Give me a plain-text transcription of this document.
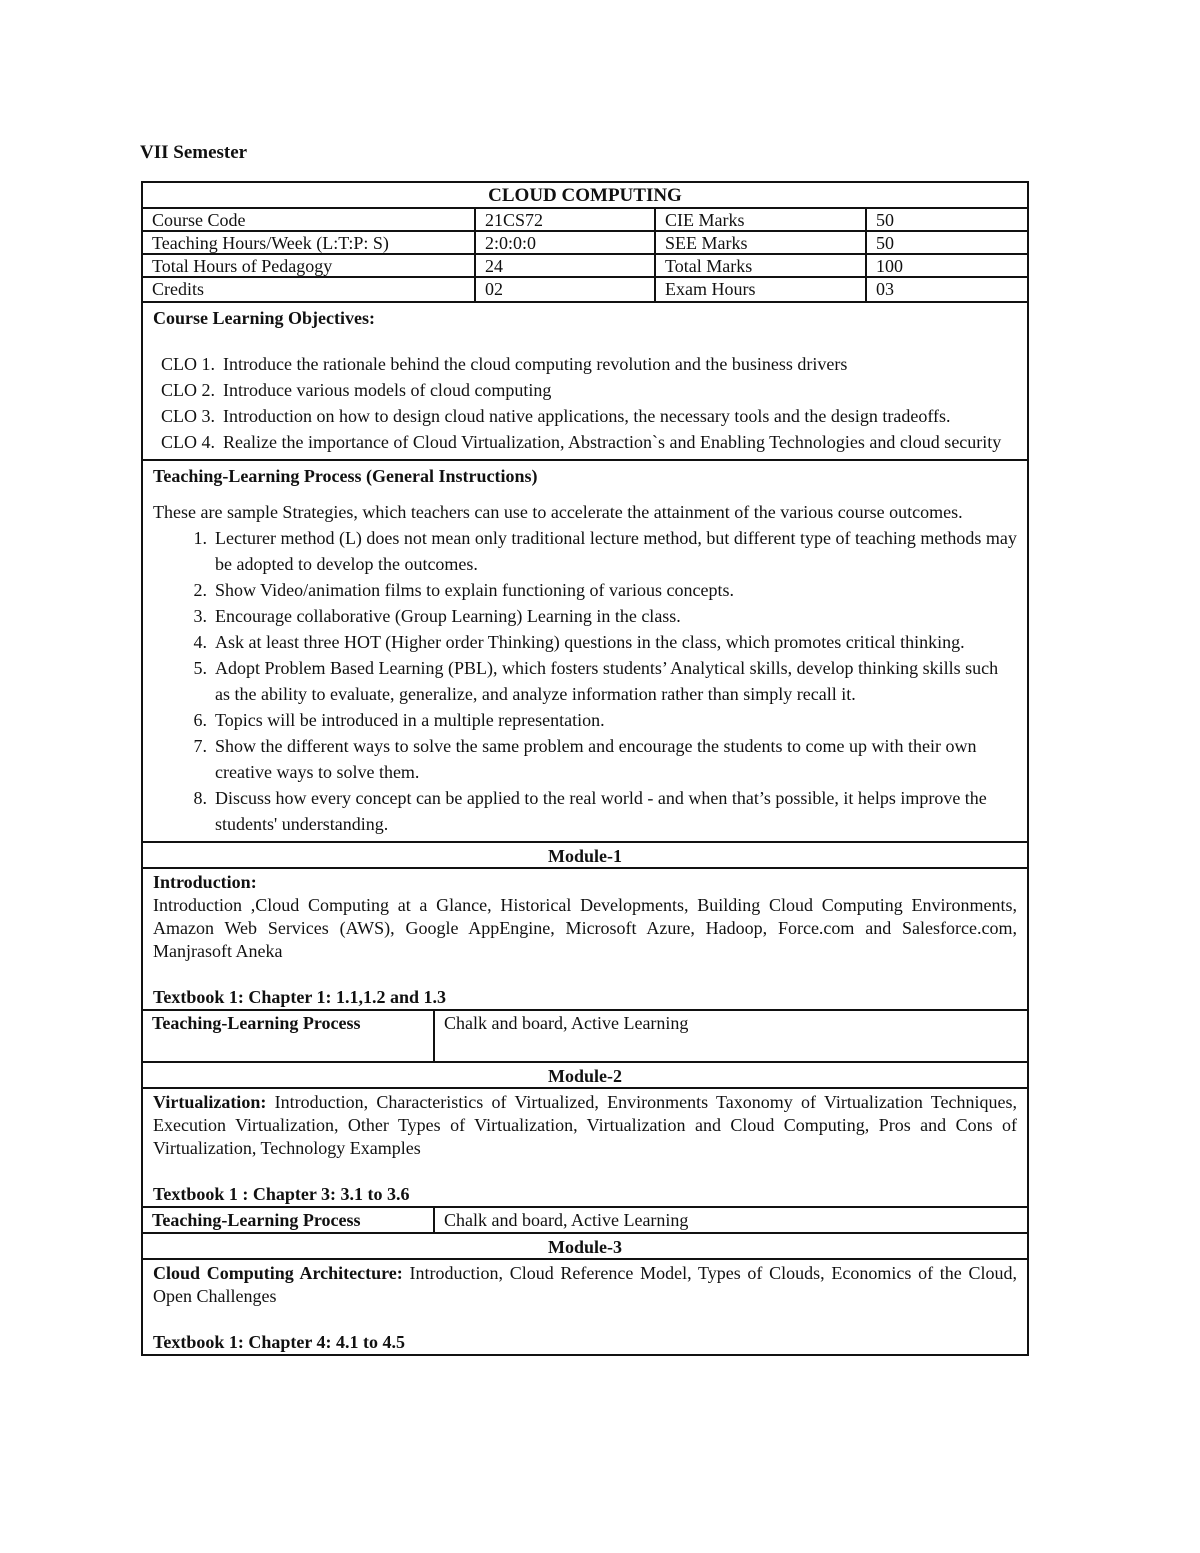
VII Semester
CLOUD COMPUTING
Course Code	21CS72	CIE Marks	50
Teaching Hours/Week (L:T:P: S)	2:0:0:0	SEE Marks	50
Total Hours of Pedagogy	24	Total Marks	100
Credits	02	Exam Hours	03
Course Learning Objectives:
CLO 1. Introduce the rationale behind the cloud computing revolution and the business drivers
CLO 2. Introduce various models of cloud computing
CLO 3. Introduction on how to design cloud native applications, the necessary tools and the design tradeoffs.
CLO 4. Realize the importance of Cloud Virtualization, Abstraction`s and Enabling Technologies and cloud security
Teaching-Learning Process (General Instructions)
These are sample Strategies, which teachers can use to accelerate the attainment of the various course outcomes.
1. Lecturer method (L) does not mean only traditional lecture method, but different type of teaching methods may be adopted to develop the outcomes.
2. Show Video/animation films to explain functioning of various concepts.
3. Encourage collaborative (Group Learning) Learning in the class.
4. Ask at least three HOT (Higher order Thinking) questions in the class, which promotes critical thinking.
5. Adopt Problem Based Learning (PBL), which fosters students’ Analytical skills, develop thinking skills such as the ability to evaluate, generalize, and analyze information rather than simply recall it.
6. Topics will be introduced in a multiple representation.
7. Show the different ways to solve the same problem and encourage the students to come up with their own creative ways to solve them.
8. Discuss how every concept can be applied to the real world - and when that’s possible, it helps improve the students' understanding.
Module-1
Introduction:
Introduction ,Cloud Computing at a Glance, Historical Developments, Building Cloud Computing Environments, Amazon Web Services (AWS), Google AppEngine, Microsoft Azure, Hadoop, Force.com and Salesforce.com, Manjrasoft Aneka
Textbook 1: Chapter 1: 1.1,1.2 and 1.3
Teaching-Learning Process	Chalk and board, Active Learning
Module-2
Virtualization: Introduction, Characteristics of Virtualized, Environments Taxonomy of Virtualization Techniques, Execution Virtualization, Other Types of Virtualization, Virtualization and Cloud Computing, Pros and Cons of Virtualization, Technology Examples
Textbook 1 : Chapter 3: 3.1 to 3.6
Teaching-Learning Process	Chalk and board, Active Learning
Module-3
Cloud Computing Architecture: Introduction, Cloud Reference Model, Types of Clouds, Economics of the Cloud, Open Challenges
Textbook 1: Chapter 4: 4.1 to 4.5
